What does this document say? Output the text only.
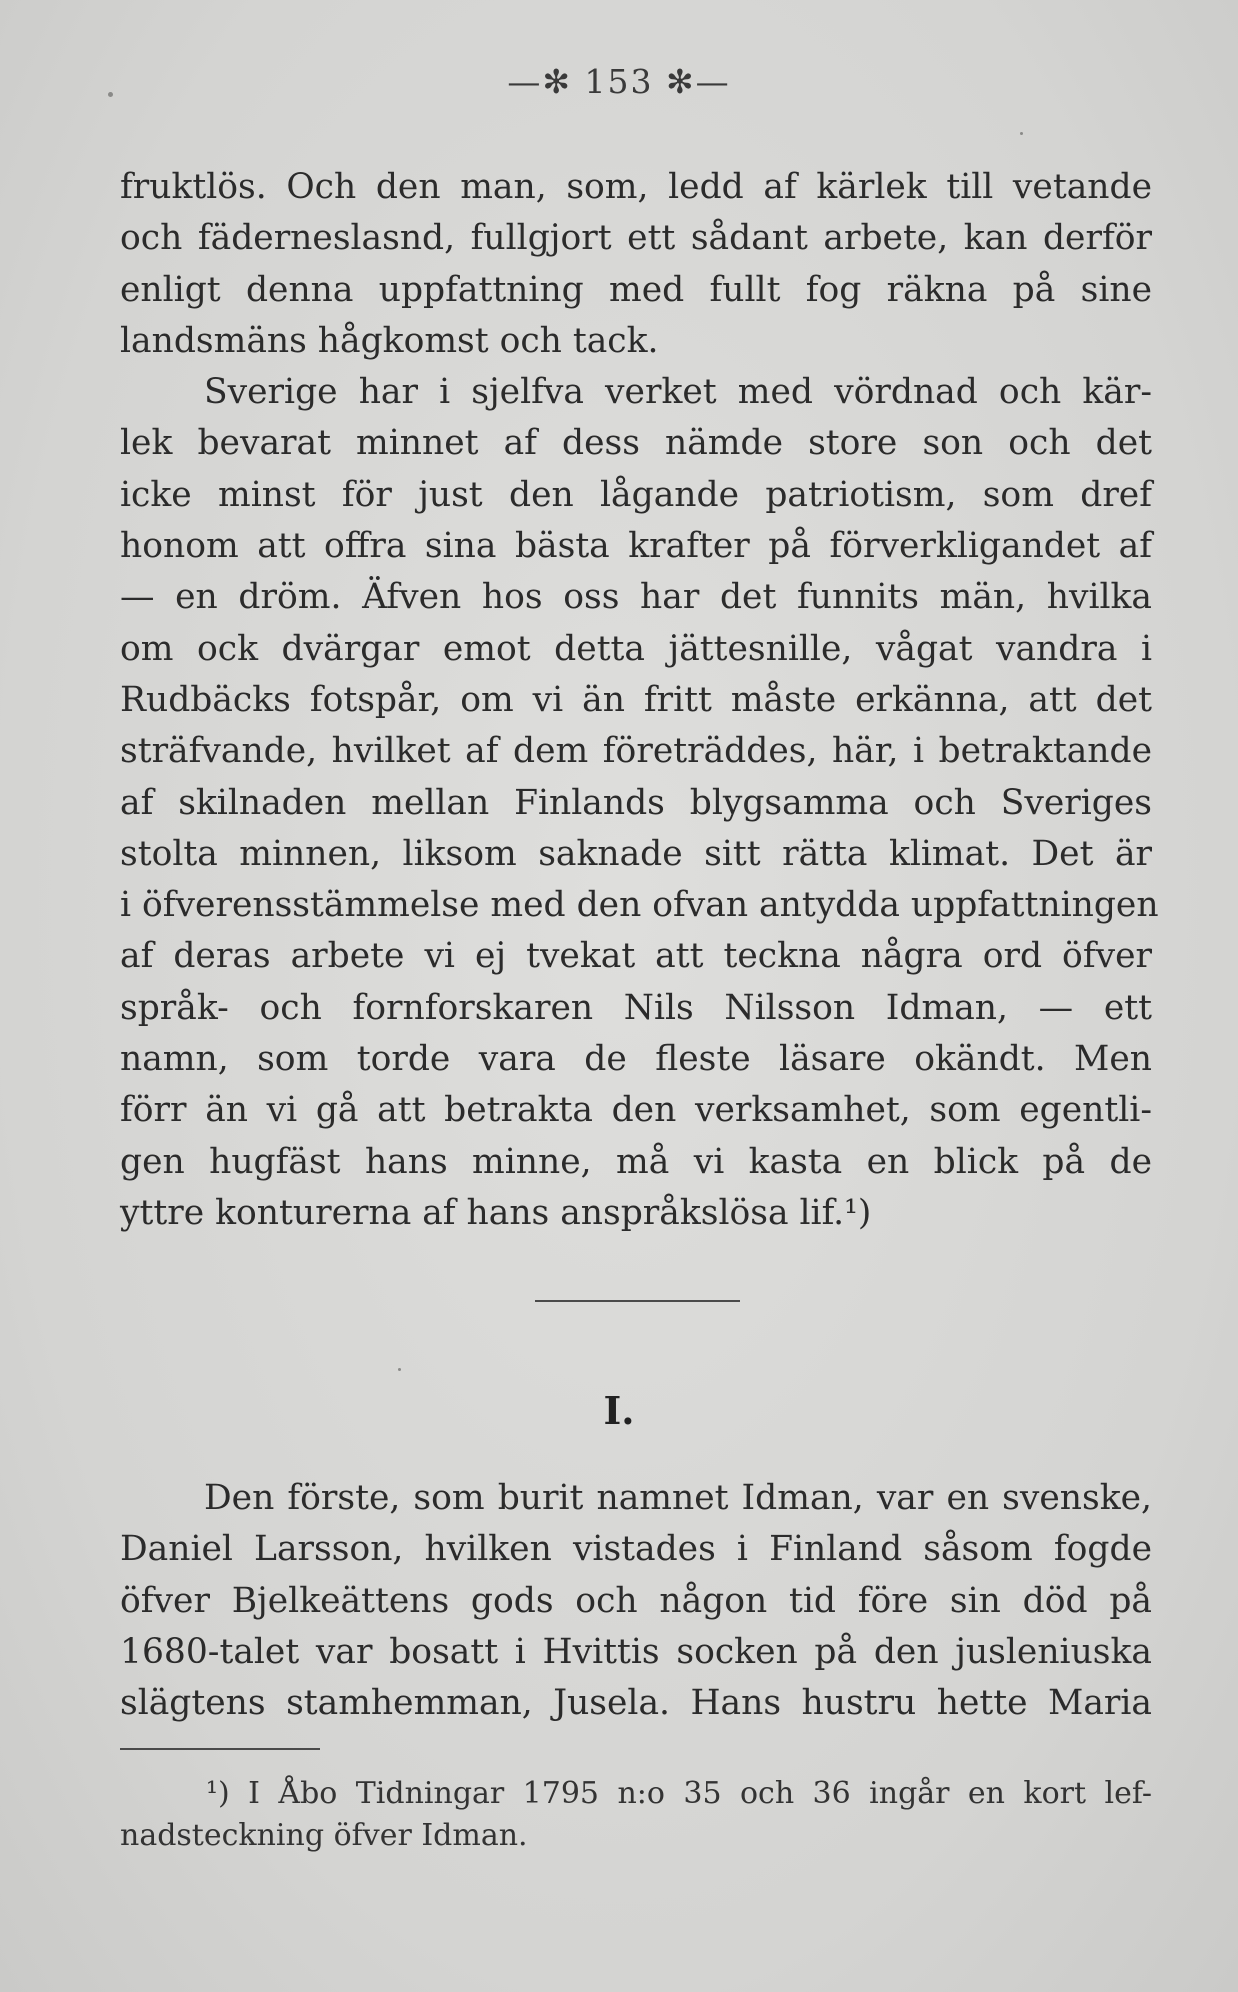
—✻ 153 ✻—
fruktlös. Och den man, som, ledd af kärlek till vetande
och fäderneslasnd, fullgjort ett sådant arbete, kan derför
enligt denna uppfattning med fullt fog räkna på sine
landsmäns hågkomst och tack.
Sverige har i sjelfva verket med vördnad och kär-
lek bevarat minnet af dess nämde store son och det
icke minst för just den lågande patriotism, som dref
honom att offra sina bästa krafter på förverkligandet af
— en dröm. Äfven hos oss har det funnits män, hvilka
om ock dvärgar emot detta jättesnille, vågat vandra i
Rudbäcks fotspår, om vi än fritt måste erkänna, att det
sträfvande, hvilket af dem företräddes, här, i betraktande
af skilnaden mellan Finlands blygsamma och Sveriges
stolta minnen, liksom saknade sitt rätta klimat. Det är
i öfverensstämmelse med den ofvan antydda uppfattningen
af deras arbete vi ej tvekat att teckna några ord öfver
språk- och fornforskaren Nils Nilsson Idman, — ett
namn, som torde vara de fleste läsare okändt. Men
förr än vi gå att betrakta den verksamhet, som egentli-
gen hugfäst hans minne, må vi kasta en blick på de
yttre konturerna af hans anspråkslösa lif.¹)
I.
Den förste, som burit namnet Idman, var en svenske,
Daniel Larsson, hvilken vistades i Finland såsom fogde
öfver Bjelkeättens gods och någon tid före sin död på
1680-talet var bosatt i Hvittis socken på den jusleniuska
slägtens stamhemman, Jusela. Hans hustru hette Maria
¹) I Åbo Tidningar 1795 n:o 35 och 36 ingår en kort lef-
nadsteckning öfver Idman.
